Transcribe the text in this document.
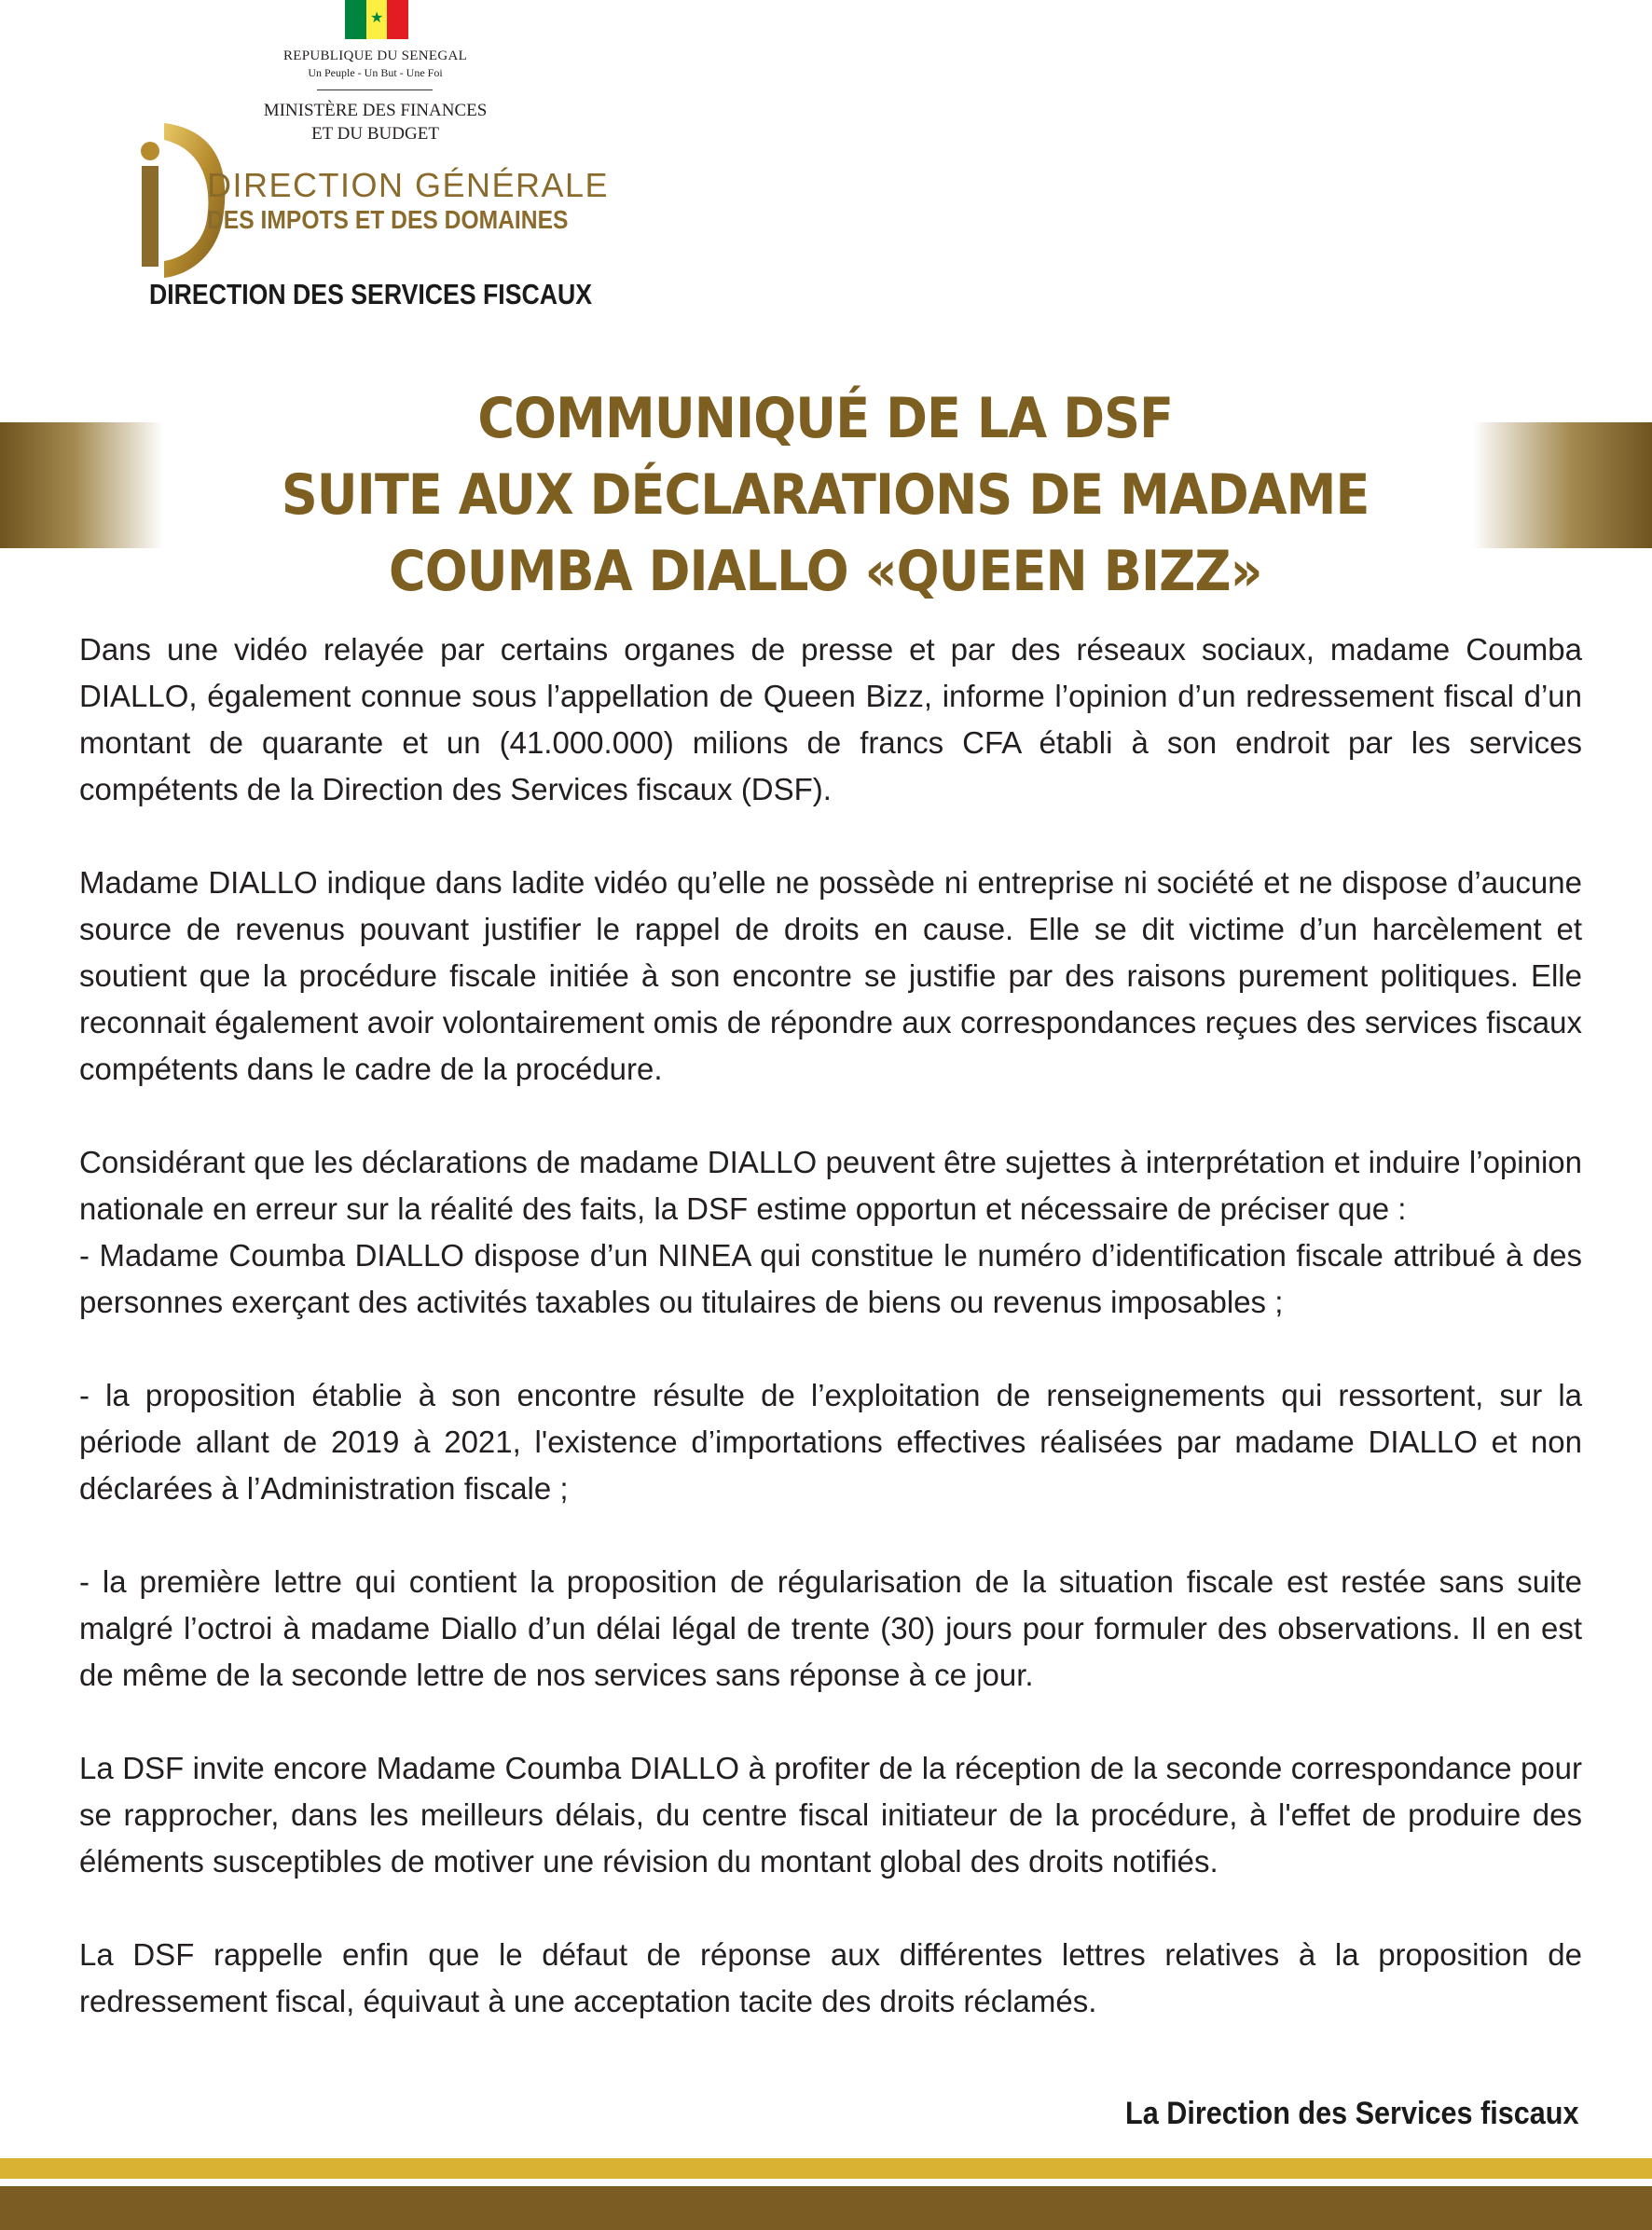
★
REPUBLIQUE DU SENEGAL
Un Peuple - Un But - Une Foi
MINISTÈRE DES FINANCES
ET DU BUDGET
DIRECTION GÉNÉRALE
DES IMPOTS ET DES DOMAINES
DIRECTION DES SERVICES FISCAUX
COMMUNIQUÉ DE LA DSF
SUITE AUX DÉCLARATIONS DE MADAME
COUMBA DIALLO «QUEEN BIZZ»

Dans une vidéo relayée par certains organes de presse et par des réseaux sociaux, madame Coumba DIALLO, également connue sous l’appellation de Queen Bizz, informe l’opinion d’un redressement fiscal d’un montant de quarante et un (41.000.000) milions de francs CFA établi à son endroit par les services compétents de la Direction des Services fiscaux (DSF).

Madame DIALLO indique dans ladite vidéo qu’elle ne possède ni entreprise ni société et ne dispose d’aucune source de revenus pouvant justifier le rappel de droits en cause. Elle se dit victime d’un harcèlement et soutient que la procédure fiscale initiée à son encontre se justifie par des raisons purement politiques. Elle reconnait également avoir volontairement omis de répondre aux correspondances reçues des services fiscaux compétents dans le cadre de la procédure.

Considérant que les déclarations de madame DIALLO peuvent être sujettes à interprétation et induire l’opinion nationale en erreur sur la réalité des faits, la DSF estime opportun et nécessaire de préciser que :

- Madame Coumba DIALLO dispose d’un NINEA qui constitue le numéro d’identification fiscale attribué à des personnes exerçant des activités taxables ou titulaires de biens ou revenus imposables ;

- la proposition établie à son encontre résulte de l’exploitation de renseignements qui ressortent, sur la période allant de 2019 à 2021, l'existence d’importations effectives réalisées par madame DIALLO et non déclarées à l’Administration fiscale ;

- la première lettre qui contient la proposition de régularisation de la situation fiscale est restée sans suite malgré l’octroi à madame Diallo d’un délai légal de trente (30) jours pour formuler des observations. Il en est de même de la seconde lettre de nos services sans réponse à ce jour.

La DSF invite encore Madame Coumba DIALLO à profiter de la réception de la seconde correspondance pour se rapprocher, dans les meilleurs délais, du centre fiscal initiateur de la procédure, à l'effet de produire des éléments susceptibles de motiver une révision du montant global des droits notifiés.

La DSF rappelle enfin que le défaut de réponse aux différentes lettres relatives à la proposition de redressement fiscal, équivaut à une acceptation tacite des droits réclamés.

La Direction des Services fiscaux
